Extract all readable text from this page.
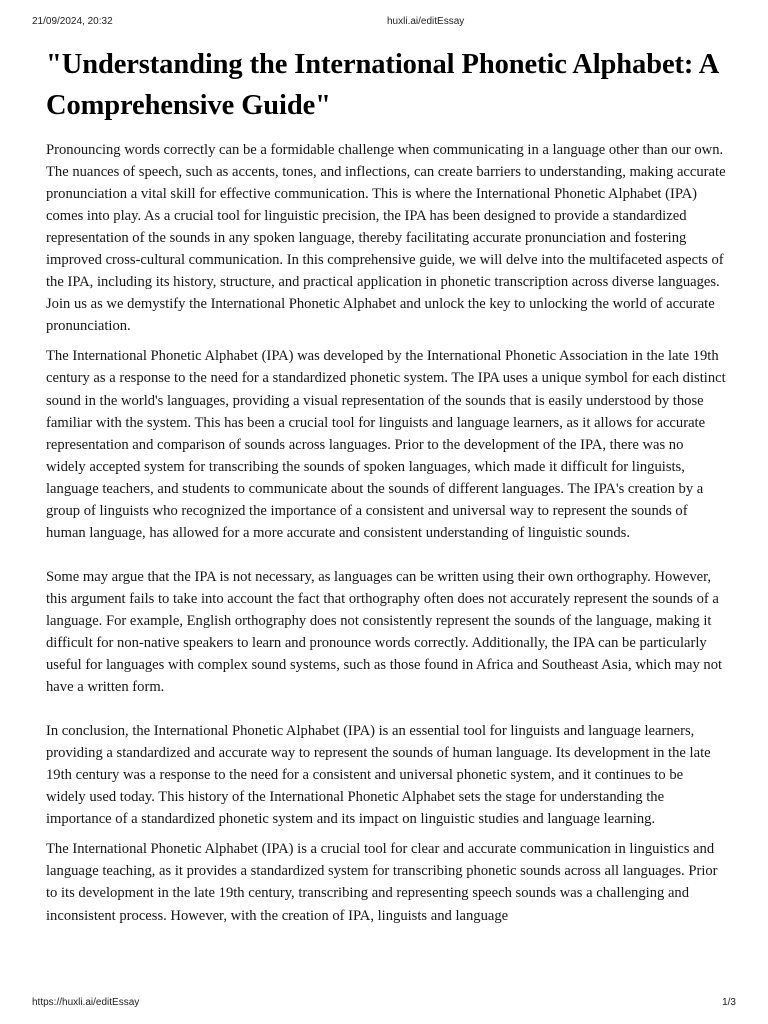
21/09/2024, 20:32	huxli.ai/editEssay
"Understanding the International Phonetic Alphabet: A Comprehensive Guide"

Pronouncing words correctly can be a formidable challenge when communicating in a language other than our own. The nuances of speech, such as accents, tones, and inflections, can create barriers to understanding, making accurate pronunciation a vital skill for effective communication. This is where the International Phonetic Alphabet (IPA) comes into play. As a crucial tool for linguistic precision, the IPA has been designed to provide a standardized representation of the sounds in any spoken language, thereby facilitating accurate pronunciation and fostering improved cross-cultural communication. In this comprehensive guide, we will delve into the multifaceted aspects of the IPA, including its history, structure, and practical application in phonetic transcription across diverse languages. Join us as we demystify the International Phonetic Alphabet and unlock the key to unlocking the world of accurate pronunciation.

The International Phonetic Alphabet (IPA) was developed by the International Phonetic Association in the late 19th century as a response to the need for a standardized phonetic system. The IPA uses a unique symbol for each distinct sound in the world's languages, providing a visual representation of the sounds that is easily understood by those familiar with the system. This has been a crucial tool for linguists and language learners, as it allows for accurate representation and comparison of sounds across languages. Prior to the development of the IPA, there was no widely accepted system for transcribing the sounds of spoken languages, which made it difficult for linguists, language teachers, and students to communicate about the sounds of different languages. The IPA's creation by a group of linguists who recognized the importance of a consistent and universal way to represent the sounds of human language, has allowed for a more accurate and consistent understanding of linguistic sounds.

Some may argue that the IPA is not necessary, as languages can be written using their own orthography. However, this argument fails to take into account the fact that orthography often does not accurately represent the sounds of a language. For example, English orthography does not consistently represent the sounds of the language, making it difficult for non-native speakers to learn and pronounce words correctly. Additionally, the IPA can be particularly useful for languages with complex sound systems, such as those found in Africa and Southeast Asia, which may not have a written form.

In conclusion, the International Phonetic Alphabet (IPA) is an essential tool for linguists and language learners, providing a standardized and accurate way to represent the sounds of human language. Its development in the late 19th century was a response to the need for a consistent and universal phonetic system, and it continues to be widely used today. This history of the International Phonetic Alphabet sets the stage for understanding the importance of a standardized phonetic system and its impact on linguistic studies and language learning.

The International Phonetic Alphabet (IPA) is a crucial tool for clear and accurate communication in linguistics and language teaching, as it provides a standardized system for transcribing phonetic sounds across all languages. Prior to its development in the late 19th century, transcribing and representing speech sounds was a challenging and inconsistent process. However, with the creation of IPA, linguists and language

https://huxli.ai/editEssay	1/3
